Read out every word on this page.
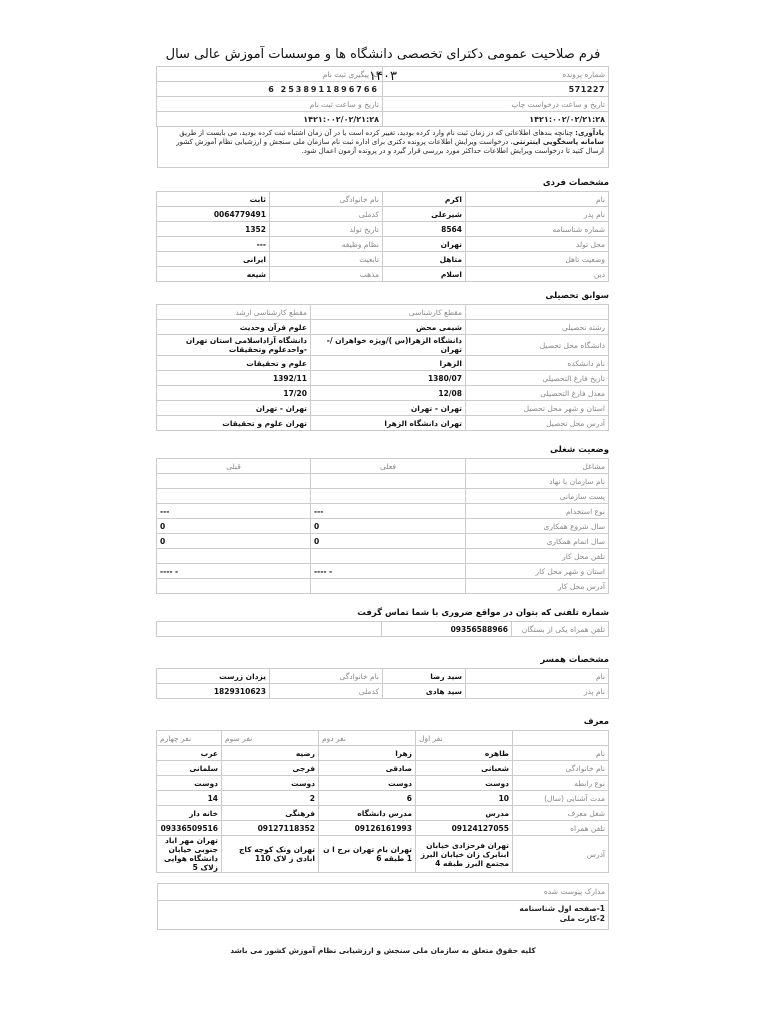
فرم صلاحیت عمومی دکترای تخصصی دانشگاه ها و موسسات آموزش عالی سال ۱۴۰۳	شماره پرونده	کد پیگیری ثبت نام
571227	2538911896766 6
تاریخ و ساعت درخواست چاپ	تاریخ و ساعت ثبت نام
۱۴۲۱:۰۰۲/۰۲/۲۱:۲۸	۱۴۲۱:۰۰۲/۰۲/۲۱:۲۸
یادآوری: چنانچه بندهای اطلاعاتی که در زمان ثبت نام وارد کرده بودید، تغییر کرده است یا در آن زمان اشتباه ثبت کرده بودید، می بایست از طریق سامانه پاسخگویی اینترنتی، درخواست ویرایش اطلاعات پرونده دکتری برای اداره ثبت نام سازمان ملی سنجش و ارزشیابی نظام آموزش کشور ارسال کنید تا درخواست ویرایش اطلاعات حداکثر مورد بررسی قرار گیرد و در پرونده آزمون اعمال شود.
مشخصات فردی
نام	اکرم	نام خانوادگی	ثابت
نام پدر	شیرعلی	کدملی	0064779491
شماره شناسنامه	8564	تاریخ تولد	1352
محل تولد	تهران	نظام وظیفه	---
وضعیت تاهل	متاهل	تابعیت	ایرانی
دین	اسلام	مذهب	شیعه
سوابق تحصیلی
	مقطع کارشناسی	مقطع کارشناسی ارشد
رشته تحصیلی	شیمی محض	علوم قرآن وحدیث
دانشگاه محل تحصیل	دانشگاه الزهرا(س )/ویژه خواهران /- تهران	دانشگاه آزاداسلامی استان تهران -واحدعلوم وتحقیقات
نام دانشکده	الزهرا	علوم و تحقیقات
تاریخ فارغ التحصیلی	1380/07	1392/11
معدل فارغ التحصیلی	12/08	17/20
استان و شهر محل تحصیل	تهران - تهران	تهران - تهران
آدرس محل تحصیل	تهران دانشگاه الزهرا	تهران علوم و تحقیقات
وضعیت شغلی
مشاغل	فعلی	قبلی
نام سازمان یا نهاد		
پست سازمانی		
نوع استخدام	---	---
سال شروع همکاری	0	0
سال اتمام همکاری	0	0
تلفن محل کار		
استان و شهر محل کار	- ----	- ----
آدرس محل کار		
شماره تلفنی که بتوان در مواقع ضروری با شما تماس گرفت
تلفن همراه یکی از بستگان	09356588966	
مشخصات همسر
نام	سید رضا	نام خانوادگی	یزدان زرست
نام پدر	سید هادی	کدملی	1829310623
معرف
	نفر اول	نفر دوم	نفر سوم	نفر چهارم
نام	طاهره	زهرا	رضیه	عرب
نام خانوادگی	شعبانی	صادقی	فرجی	سلمانی
نوع رابطه	دوست	دوست	دوست	دوست
مدت آشنایی (سال)	10	6	2	14
شغل معرف	مدرس	مدرس دانشگاه	فرهنگی	خانه دار
تلفن همراه	09124127055	09126161993	09127118352	09336509516
آدرس	تهران فرحزادی خیابان ابنابرک زان خیابان البرز مجتمع البرز طبقه 4	تهران بام تهران برج ا ن 1 طبقه 6	تهران ونک کوچه کاج ابادی ز لاک 110	تهران مهر اباد جنوبی خیابان دانشگاه هوایی زلاک 5
مدارک پیوست شده
1-صفحه اول شناسنامه
2-کارت ملی
کلیه حقوق متعلق به سازمان ملی سنجش و ارزشیابی نظام آموزش کشور می باشد
